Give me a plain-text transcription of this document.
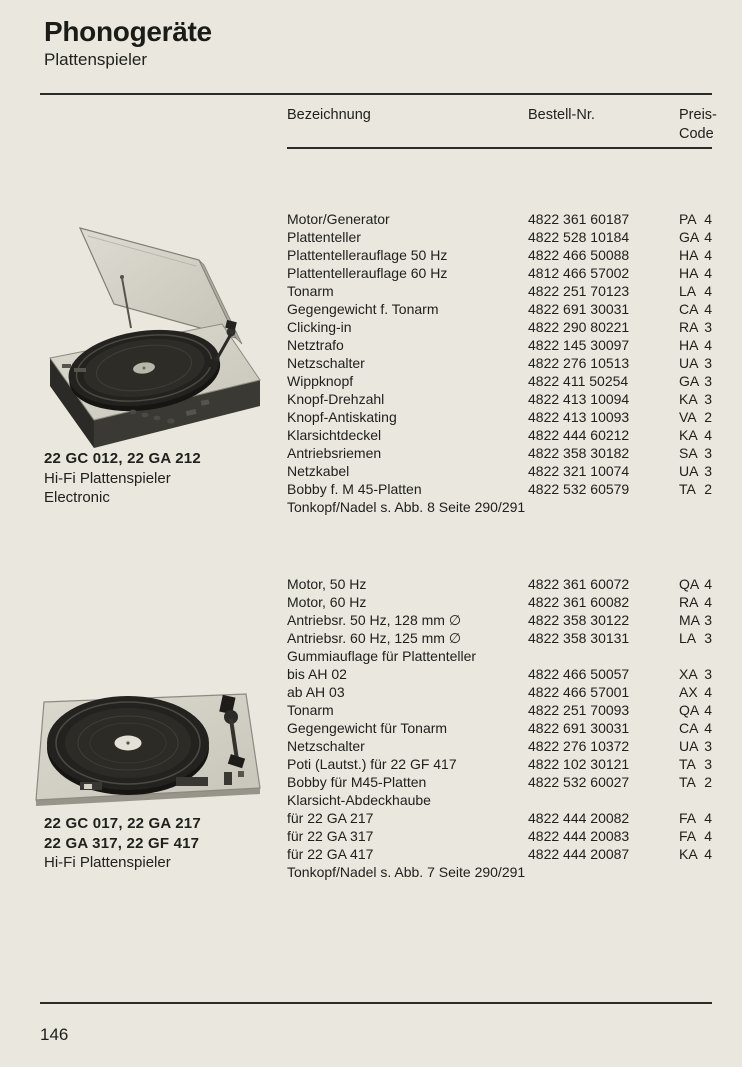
Phonogeräte
Plattenspieler
Bezeichnung	Bestell-Nr.	Preis-
Code
22 GC 012, 22 GA 212
Hi-Fi Plattenspieler
Electronic
Motor/Generator	4822 361 60187	PA 4
Plattenteller	4822 528 10184	GA 4
Plattentellerauflage 50 Hz	4822 466 50088	HA 4
Plattentellerauflage 60 Hz	4812 466 57002	HA 4
Tonarm	4822 251 70123	LA 4
Gegengewicht f. Tonarm	4822 691 30031	CA 4
Clicking-in	4822 290 80221	RA 3
Netztrafo	4822 145 30097	HA 4
Netzschalter	4822 276 10513	UA 3
Wippknopf	4822 411 50254	GA 3
Knopf-Drehzahl	4822 413 10094	KA 3
Knopf-Antiskating	4822 413 10093	VA 2
Klarsichtdeckel	4822 444 60212	KA 4
Antriebsriemen	4822 358 30182	SA 3
Netzkabel	4822 321 10074	UA 3
Bobby f. M 45-Platten	4822 532 60579	TA 2
Tonkopf/Nadel s. Abb. 8 Seite 290/291
22 GC 017, 22 GA 217
22 GA 317, 22 GF 417
Hi-Fi Plattenspieler
Motor, 50 Hz	4822 361 60072	QA 4
Motor, 60 Hz	4822 361 60082	RA 4
Antriebsr. 50 Hz, 128 mm ∅	4822 358 30122	MA 3
Antriebsr. 60 Hz, 125 mm ∅	4822 358 30131	LA 3
Gummiauflage für Plattenteller
bis AH 02	4822 466 50057	XA 3
ab AH 03	4822 466 57001	AX 4
Tonarm	4822 251 70093	QA 4
Gegengewicht für Tonarm	4822 691 30031	CA 4
Netzschalter	4822 276 10372	UA 3
Poti (Lautst.) für 22 GF 417	4822 102 30121	TA 3
Bobby für M45-Platten	4822 532 60027	TA 2
Klarsicht-Abdeckhaube
für 22 GA 217	4822 444 20082	FA 4
für 22 GA 317	4822 444 20083	FA 4
für 22 GA 417	4822 444 20087	KA 4
Tonkopf/Nadel s. Abb. 7 Seite 290/291
146
